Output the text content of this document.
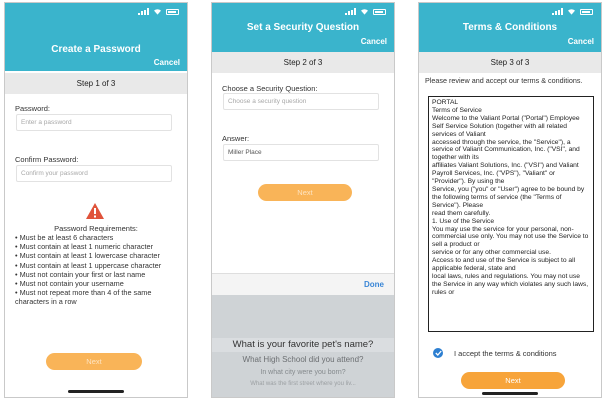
Create a Password
Cancel
Step 1 of 3
Password:
Enter a password
Confirm Password:
Confirm your password
Password Requirements:
• Must be at least 6 characters
• Must contain at least 1 numeric character
• Must contain at least 1 lowercase character
• Must contain at least 1 uppercase character
• Must not contain your first or last name
• Must not contain your username
• Must not repeat more than 4 of the same characters in a row
Next
Set a Security Question
Cancel
Step 2 of 3
Choose a Security Question:
Choose a security question
Answer:
Miller Place
Next
Done
What is your favorite pet's name?
What High School did you attend?
In what city were you born?
What was the first street where you liv...
Terms & Conditions
Cancel
Step 3 of 3
Please review and accept our terms & conditions.

PORTAL

Terms of Service

Welcome to the Valiant Portal ("Portal") Employee Self Service Solution (together with all related services of Valiant

accessed through the service, the "Service"), a service of Valiant Communication, Inc. ("VSI", and together with its

affiliates Valiant Solutions, Inc. ("VSI") and Valiant Payroll Services, Inc. ("VPS"), "Valiant" or "Provider"). By using the

Service, you ("you" or "User") agree to be bound by the following terms of service (the "Terms of Service"). Please

read them carefully.

1. Use of the Service

You may use the service for your personal, non-commercial use only. You may not use the Service to sell a product or

service or for any other commercial use.

Access to and use of the Service is subject to all applicable federal, state and

local laws, rules and regulations. You may not use the Service in any way which violates any such laws, rules or

I accept the terms & conditions
Next
